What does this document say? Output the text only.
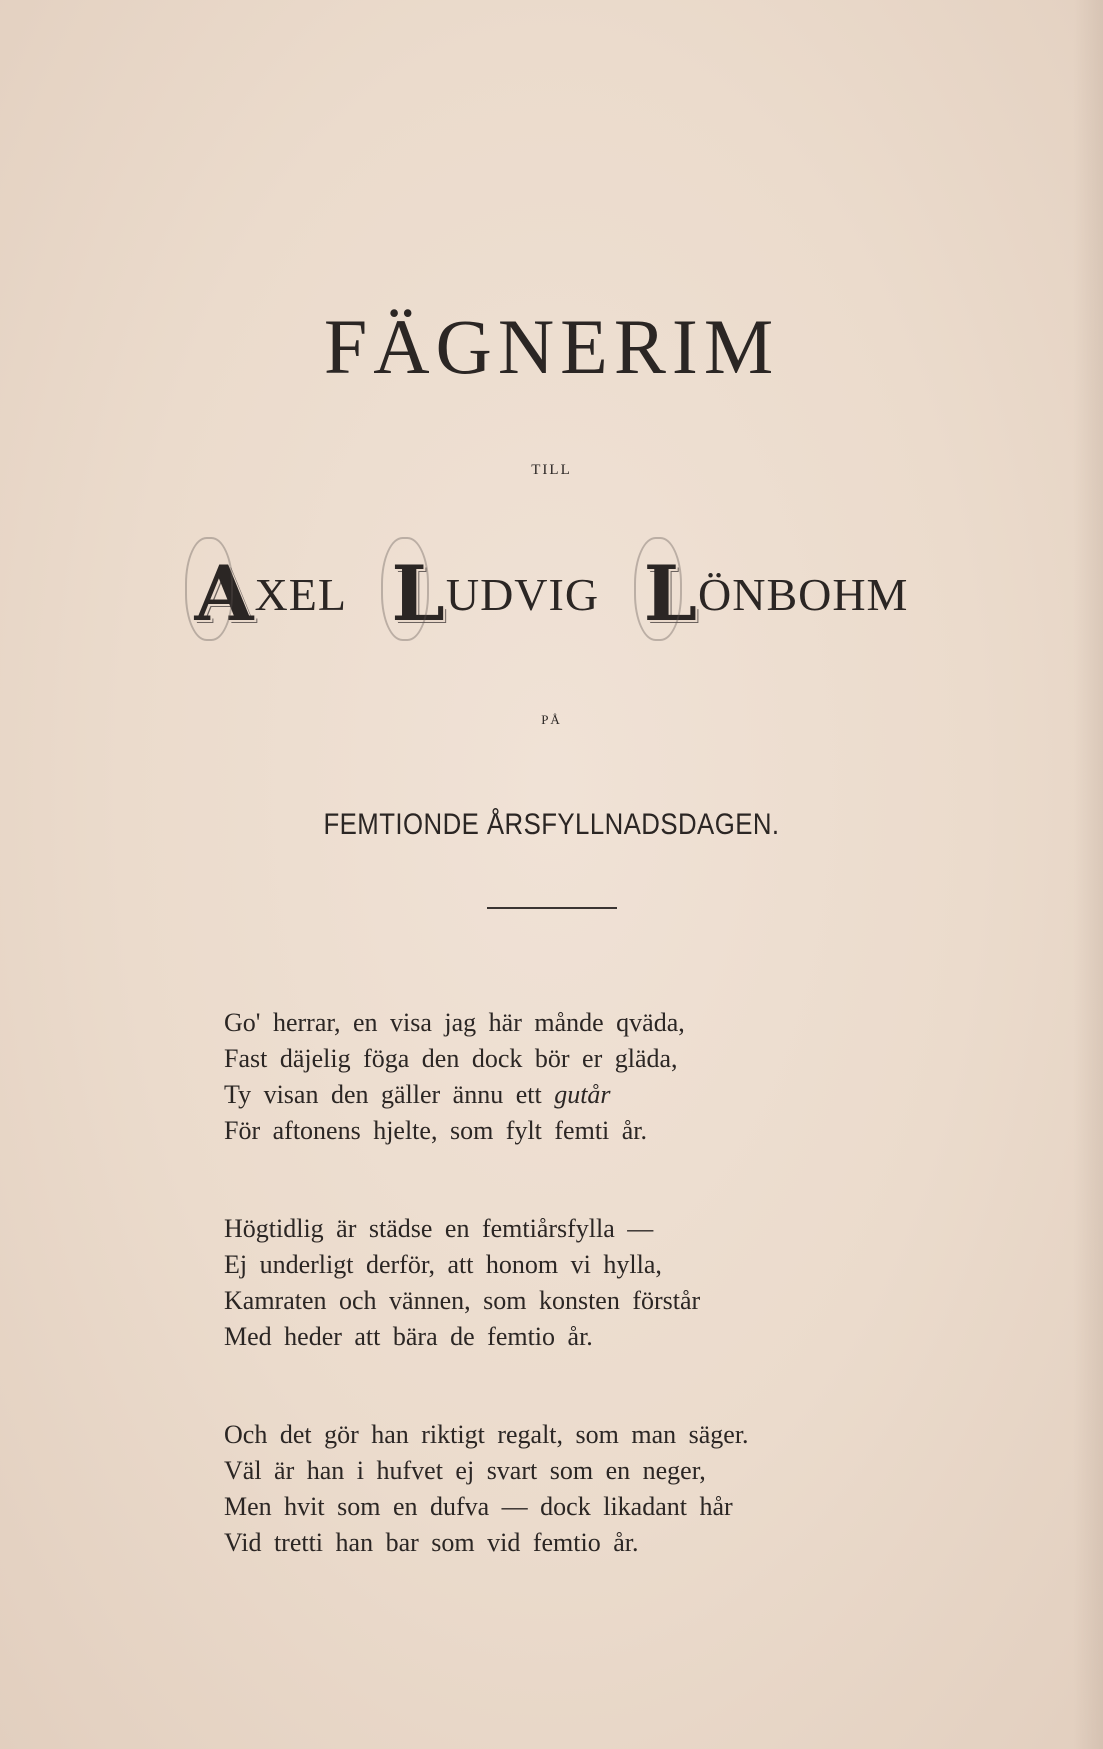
FÄGNERIM
TILL
AXEL LUDVIG LÖNBOHM
PÅ
FEMTIONDE ÅRSFYLLNADSDAGEN.
Go' herrar, en visa jag här månde qväda,
Fast däjelig föga den dock bör er gläda,
Ty visan den gäller ännu ett gutår
För aftonens hjelte, som fylt femti år.
Högtidlig är städse en femtiårsfylla —
Ej underligt derför, att honom vi hylla,
Kamraten och vännen, som konsten förstår
Med heder att bära de femtio år.
Och det gör han riktigt regalt, som man säger.
Väl är han i hufvet ej svart som en neger,
Men hvit som en dufva — dock likadant hår
Vid tretti han bar som vid femtio år.
